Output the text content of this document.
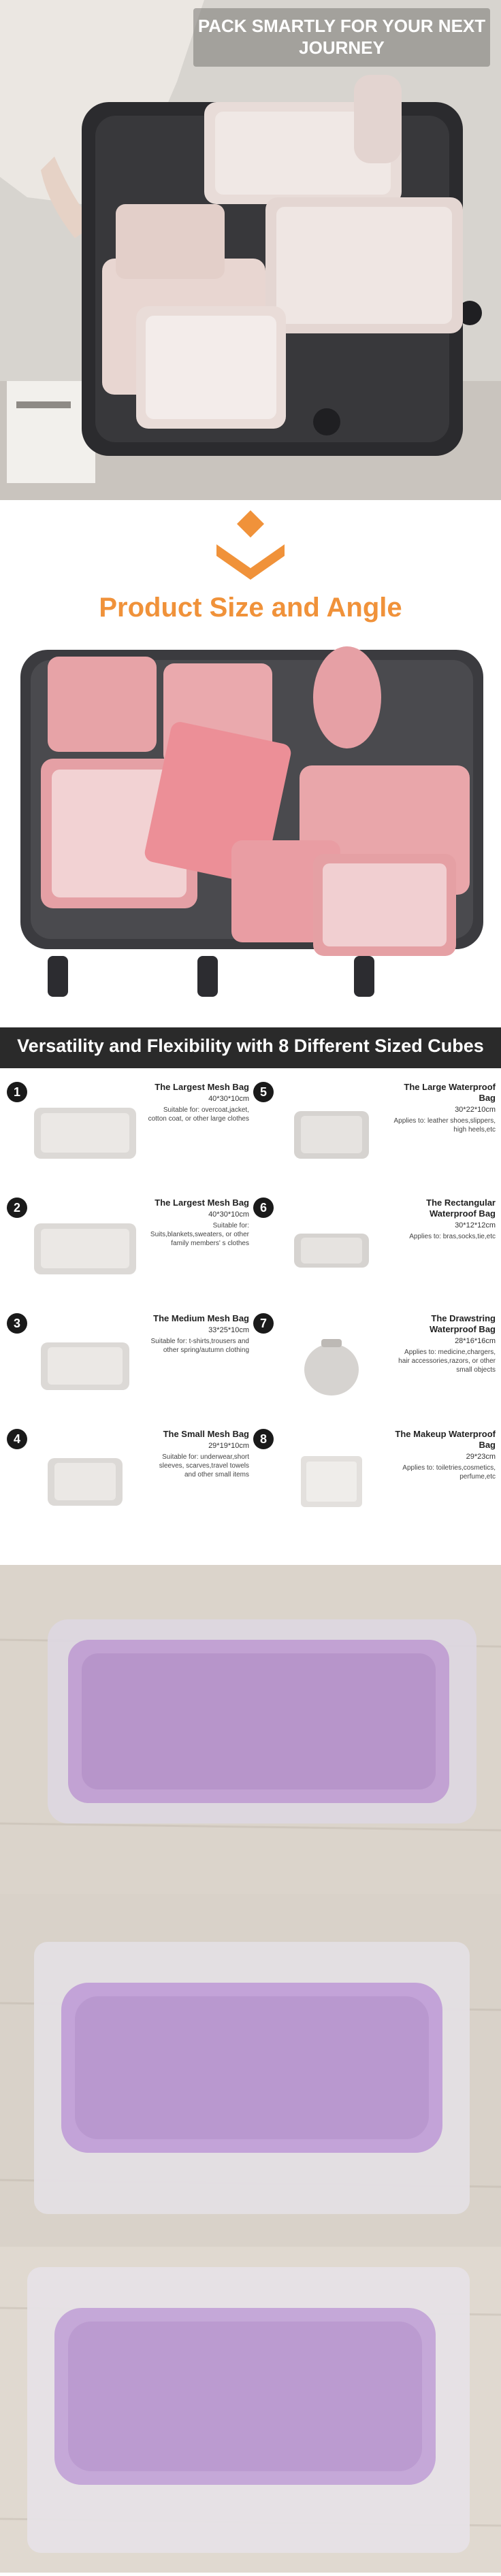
PACK SMARTLY FOR YOUR NEXT JOURNEY
Product Size and Angle
Versatility and Flexibility with 8 Different Sized Cubes
1	The Largest Mesh Bag
40*30*10cm
Suitable for: overcoat,jacket, cotton coat, or other large clothes
2	The Largest Mesh Bag
40*30*10cm
Suitable for: Suits,blankets,sweaters, or other family members' s clothes
3	The Medium Mesh Bag
33*25*10cm
Suitable for: t-shirts,trousers and other spring/autumn clothing
4	The Small Mesh Bag
29*19*10cm
Suitable for: underwear,short sleeves, scarves,travel towels and other small items
5	The Large Waterproof Bag
30*22*10cm
Applies to: leather shoes,slippers, high heels,etc
6	The Rectangular Waterproof Bag
30*12*12cm
Applies to: bras,socks,tie,etc
7	The Drawstring Waterproof Bag
28*16*16cm
Applies to: medicine,chargers, hair accessories,razors, or other small objects
8	The Makeup Waterproof Bag
29*23cm
Applies to: toiletries,cosmetics, perfume,etc
